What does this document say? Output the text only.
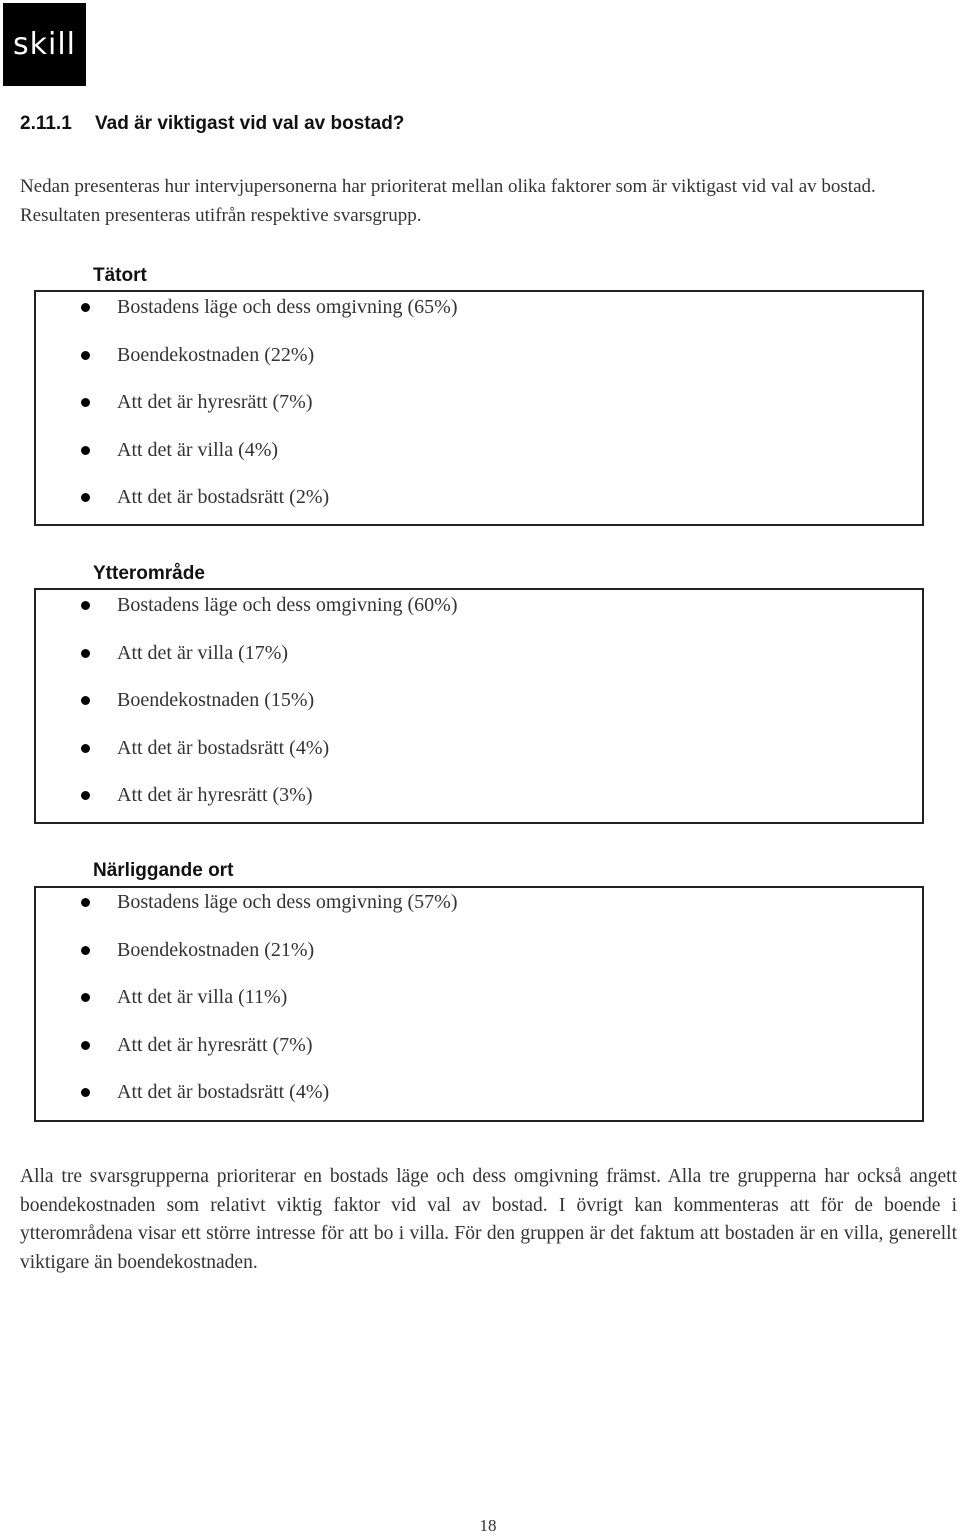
skill
2.11.1 Vad är viktigast vid val av bostad?

Nedan presenteras hur intervjupersonerna har prioriterat mellan olika faktorer som är viktigast vid val av bostad. Resultaten presenteras utifrån respektive svarsgrupp.

Tätort
Bostadens läge och dess omgivning (65%)
Boendekostnaden (22%)
Att det är hyresrätt (7%)
Att det är villa (4%)
Att det är bostadsrätt (2%)
Ytterområde
Bostadens läge och dess omgivning (60%)
Att det är villa (17%)
Boendekostnaden (15%)
Att det är bostadsrätt (4%)
Att det är hyresrätt (3%)
Närliggande ort
Bostadens läge och dess omgivning (57%)
Boendekostnaden (21%)
Att det är villa (11%)
Att det är hyresrätt (7%)
Att det är bostadsrätt (4%)

Alla tre svarsgrupperna prioriterar en bostads läge och dess omgivning främst. Alla tre grupperna har också angett boendekostnaden som relativt viktig faktor vid val av bostad. I övrigt kan kommenteras att för de boende i ytterområdena visar ett större intresse för att bo i villa. För den gruppen är det faktum att bostaden är en villa, generellt viktigare än boendekostnaden.

18
